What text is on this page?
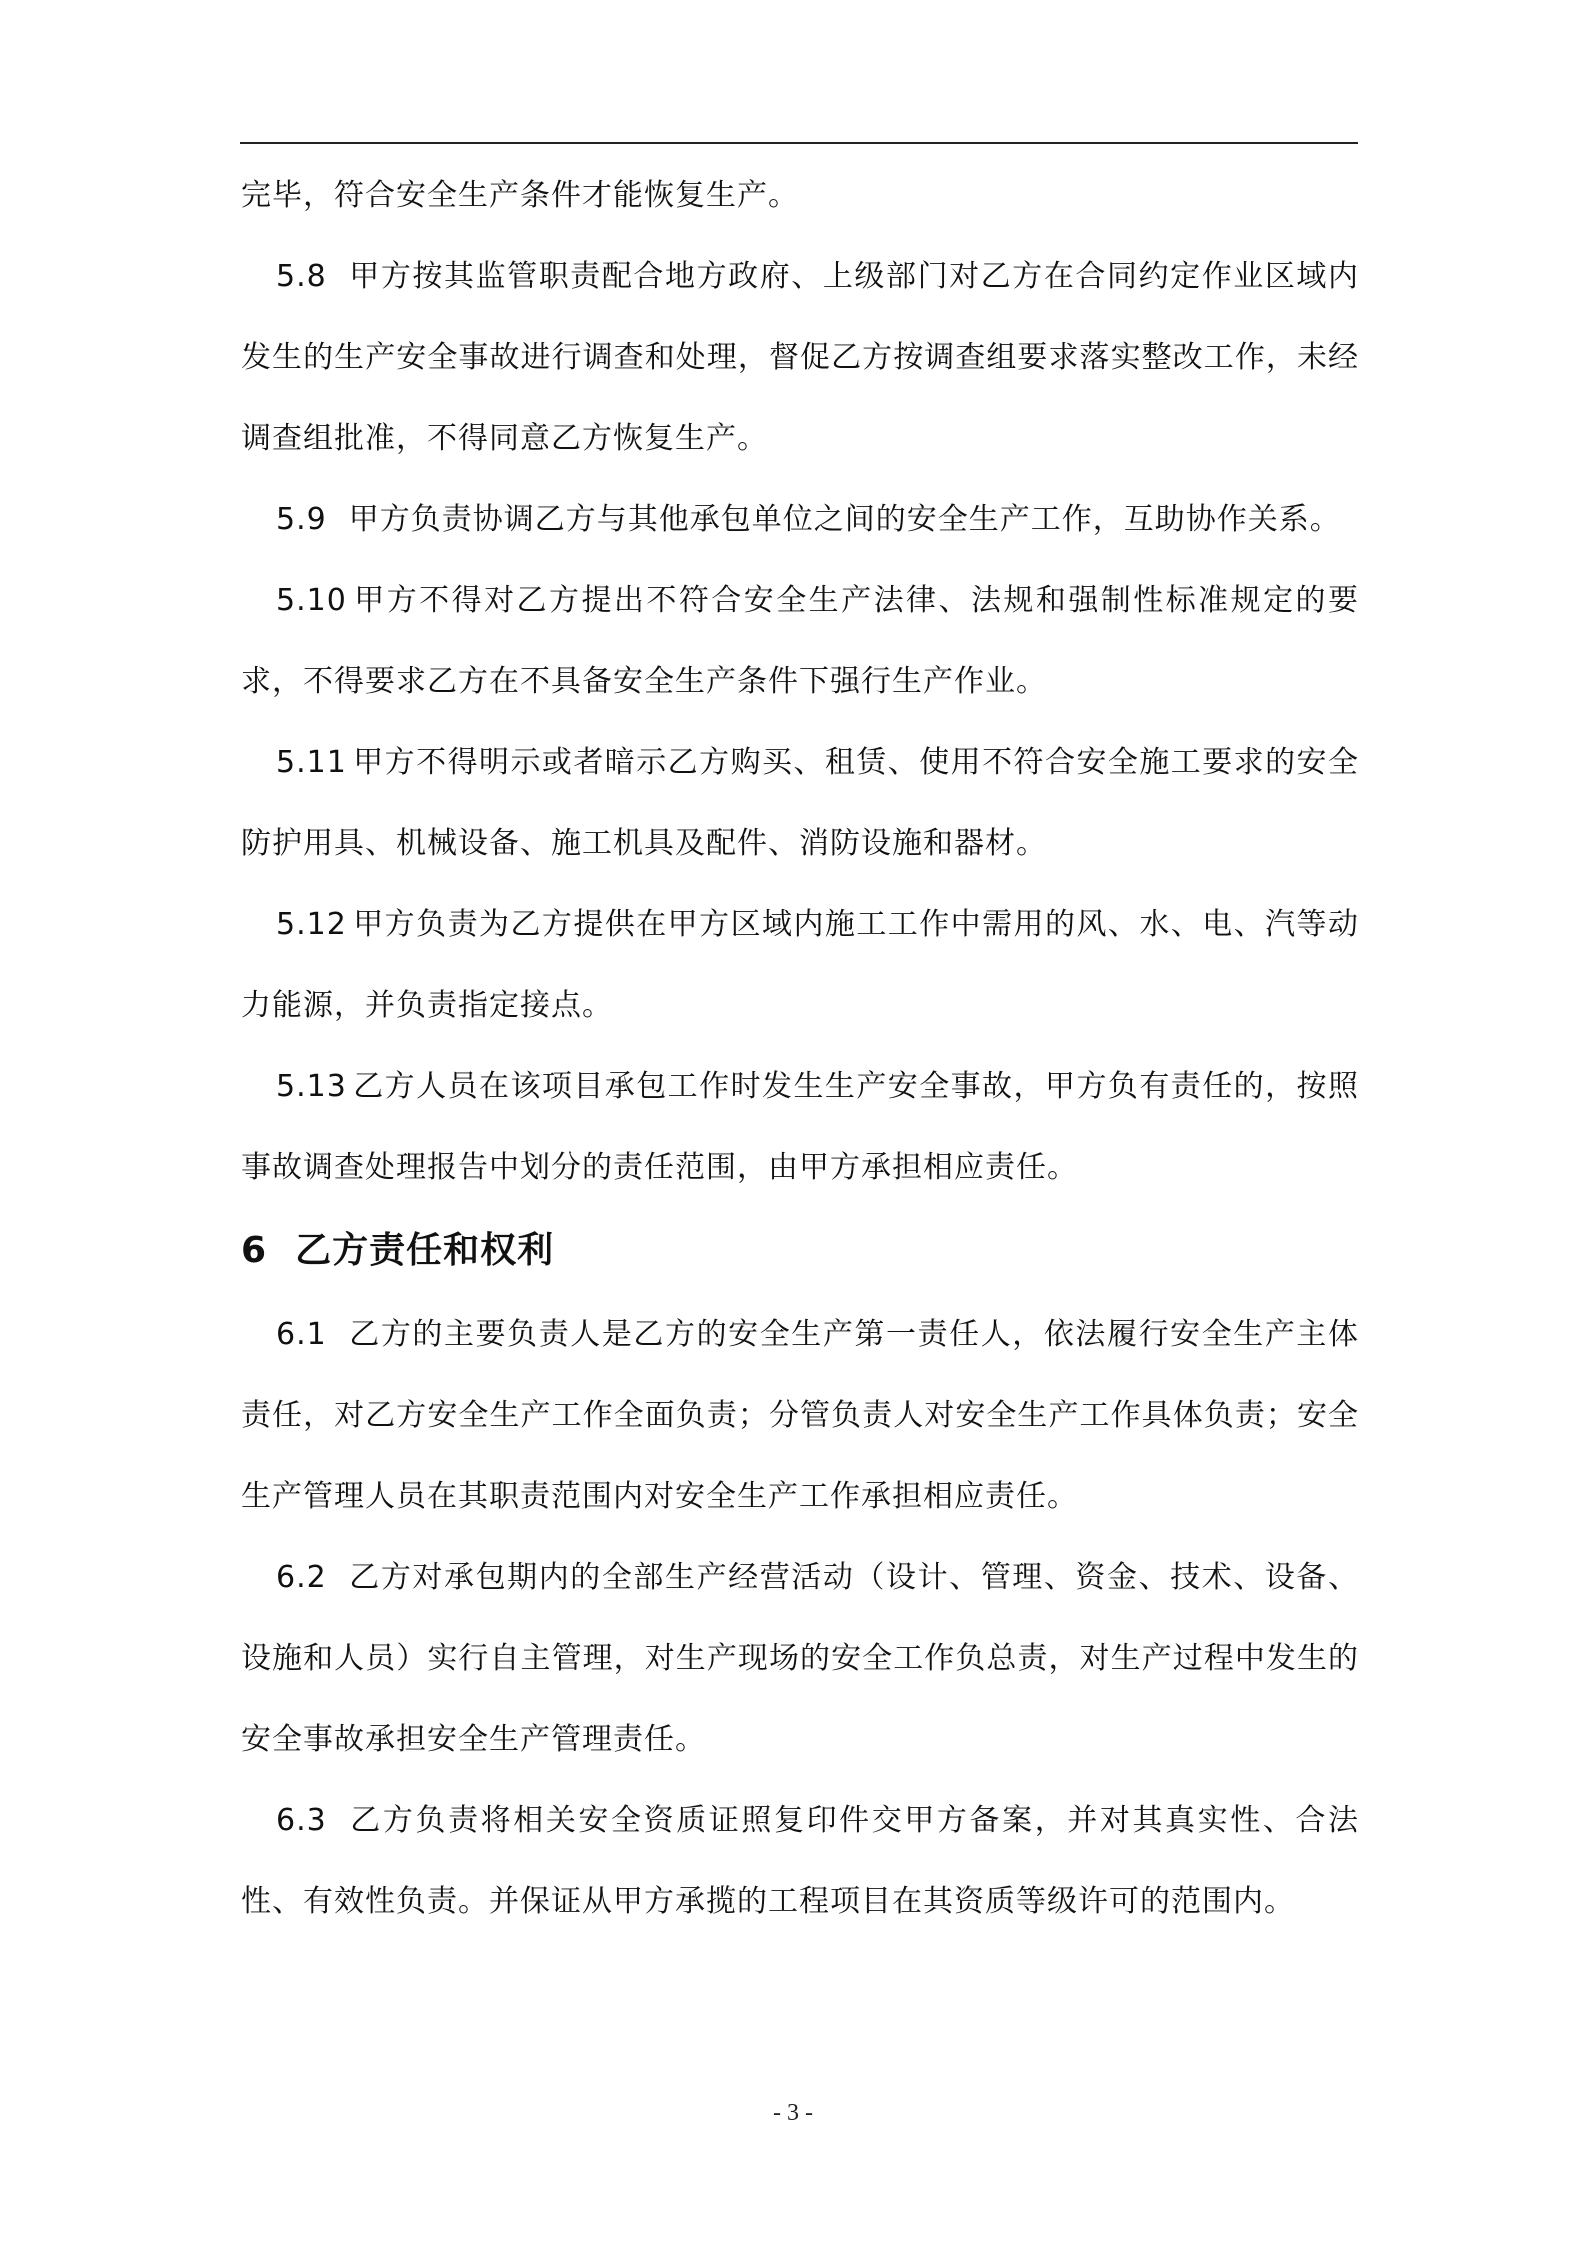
完毕，符合安全生产条件才能恢复生产。

5.8 甲方按其监管职责配合地方政府、上级部门对乙方在合同约定作业区域内发生的生产安全事故进行调查和处理，督促乙方按调查组要求落实整改工作，未经调查组批准，不得同意乙方恢复生产。

5.9 甲方负责协调乙方与其他承包单位之间的安全生产工作，互助协作关系。

5.10 甲方不得对乙方提出不符合安全生产法律、法规和强制性标准规定的要求，不得要求乙方在不具备安全生产条件下强行生产作业。

5.11 甲方不得明示或者暗示乙方购买、租赁、使用不符合安全施工要求的安全防护用具、机械设备、施工机具及配件、消防设施和器材。

5.12 甲方负责为乙方提供在甲方区域内施工工作中需用的风、水、电、汽等动力能源，并负责指定接点。

5.13 乙方人员在该项目承包工作时发生生产安全事故，甲方负有责任的，按照事故调查处理报告中划分的责任范围，由甲方承担相应责任。

6 乙方责任和权利

6.1 乙方的主要负责人是乙方的安全生产第一责任人，依法履行安全生产主体责任，对乙方安全生产工作全面负责；分管负责人对安全生产工作具体负责；安全生产管理人员在其职责范围内对安全生产工作承担相应责任。

6.2 乙方对承包期内的全部生产经营活动（设计、管理、资金、技术、设备、设施和人员）实行自主管理，对生产现场的安全工作负总责，对生产过程中发生的安全事故承担安全生产管理责任。

6.3 乙方负责将相关安全资质证照复印件交甲方备案，并对其真实性、合法性、有效性负责。并保证从甲方承揽的工程项目在其资质等级许可的范围内。

- 3 -
